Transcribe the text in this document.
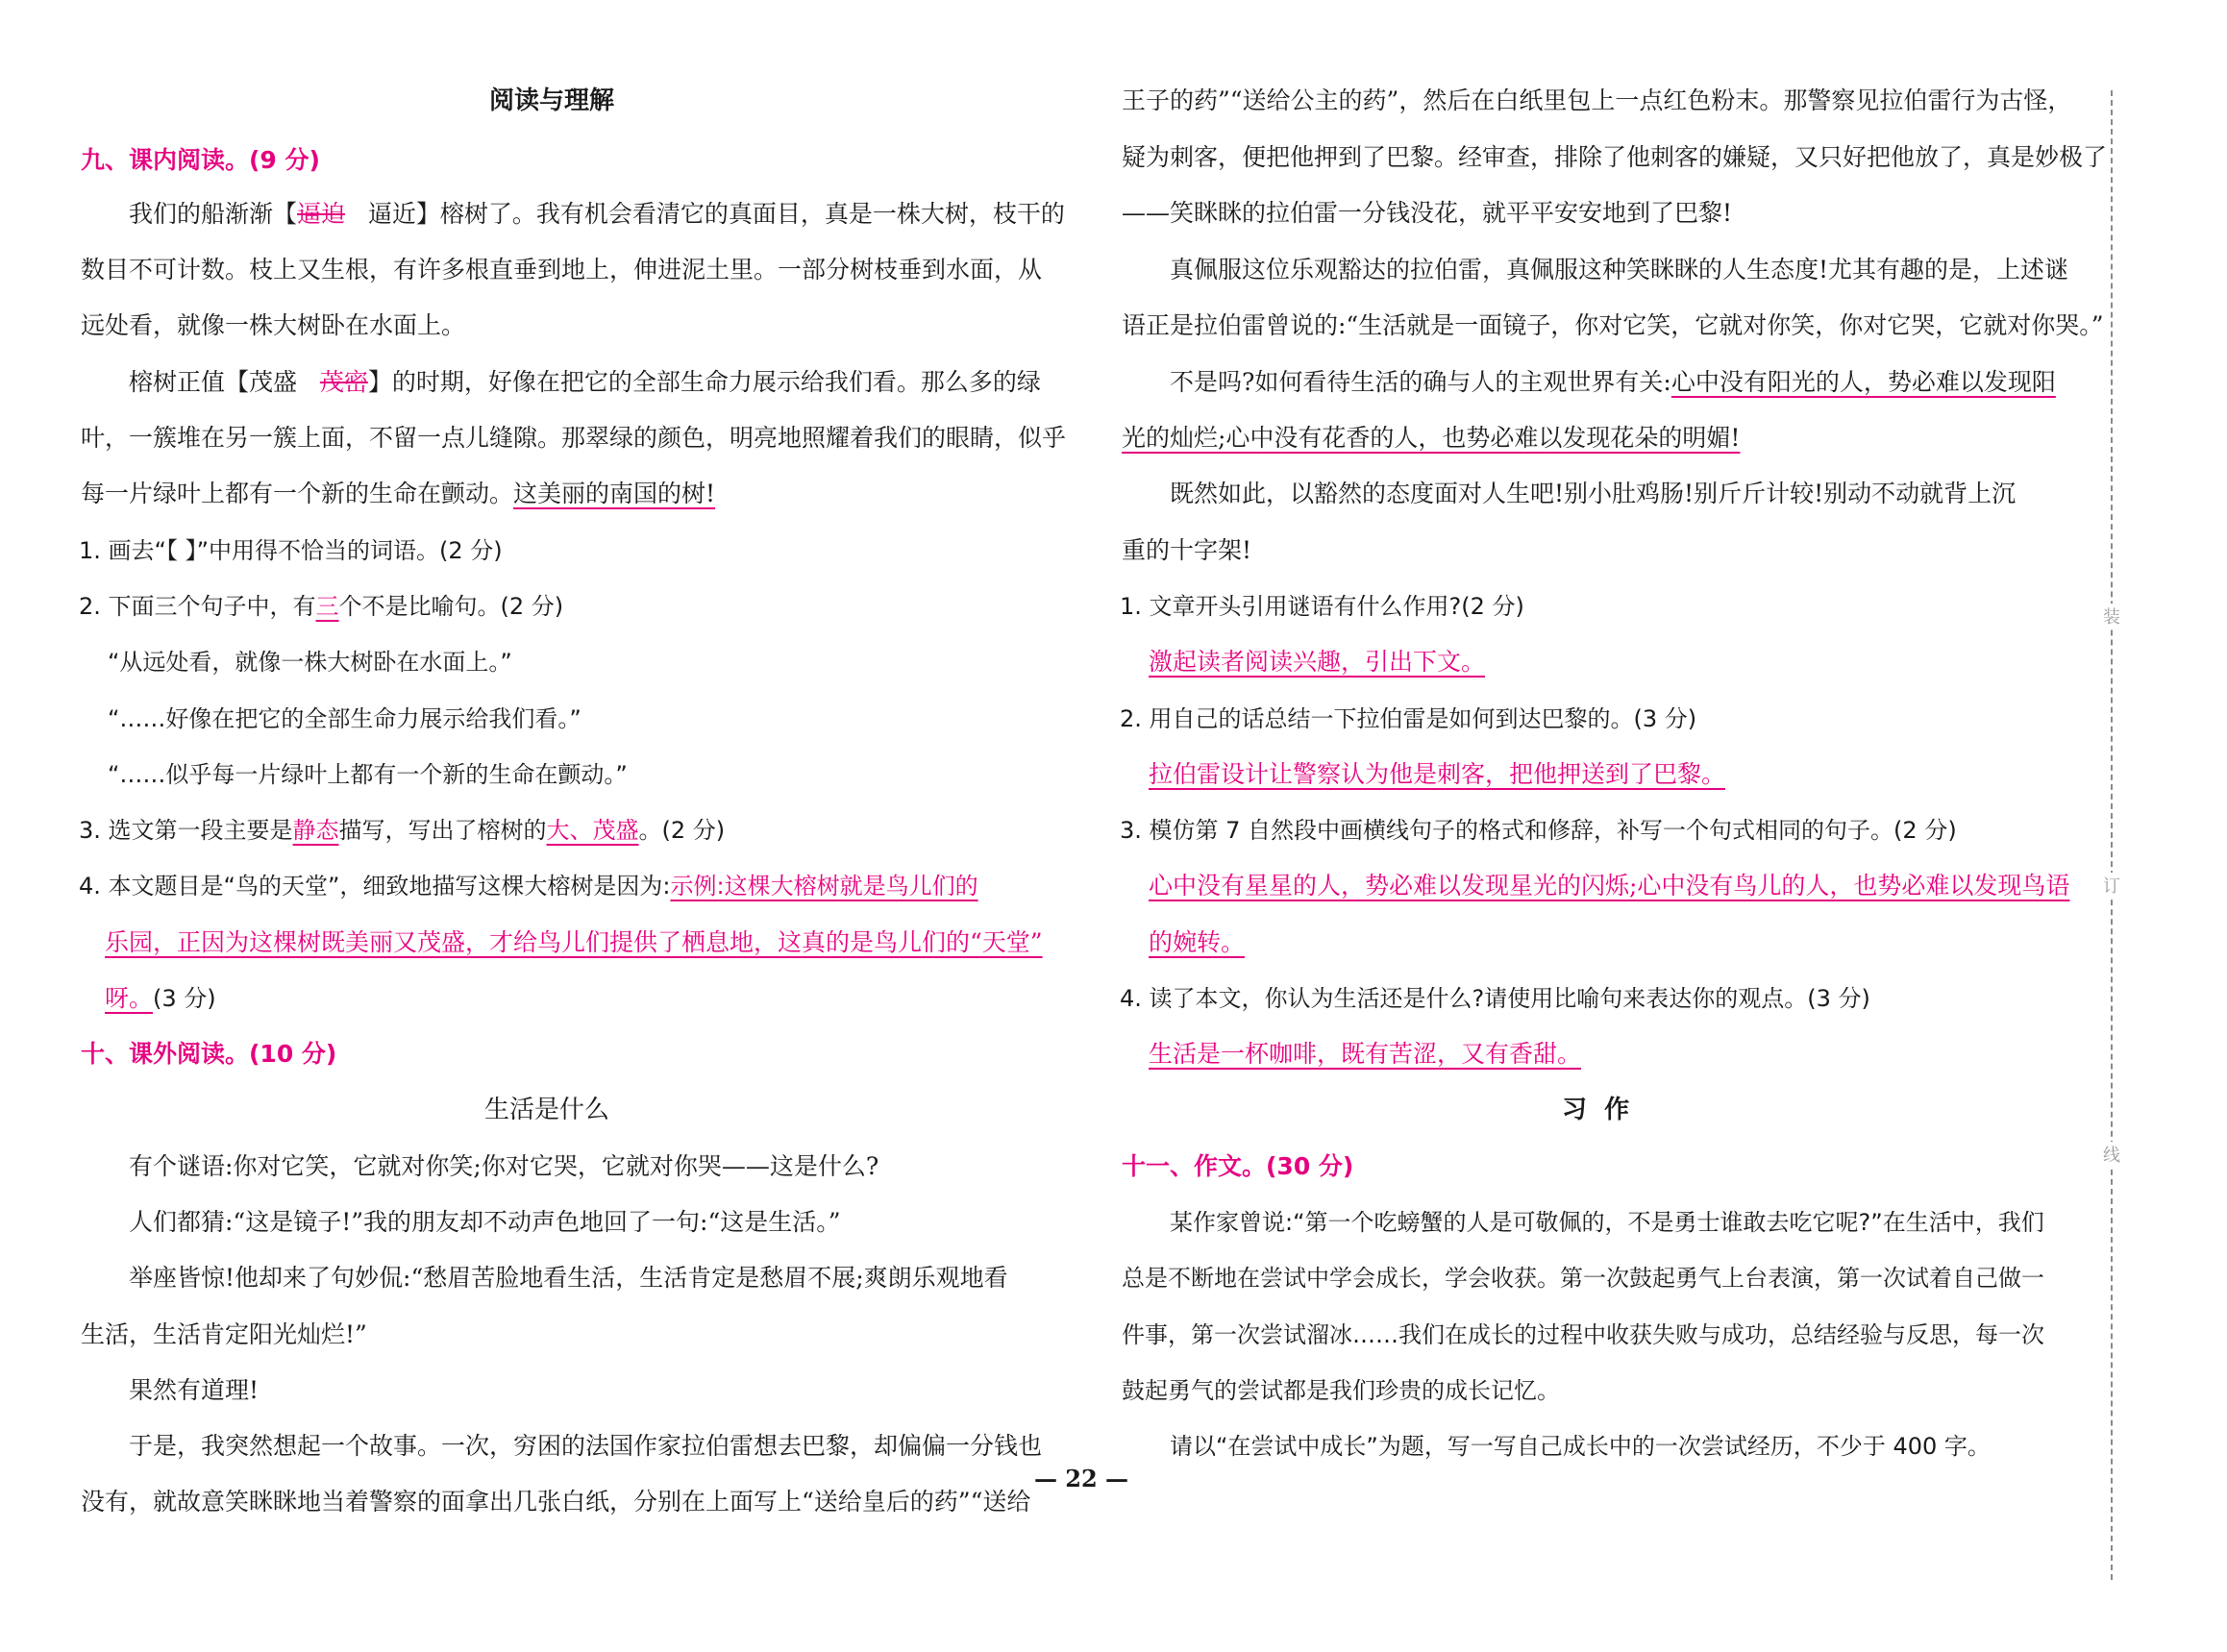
阅读与理解
九、课内阅读。(9 分)
我们的船渐渐【逼迫 逼近】榕树了。我有机会看清它的真面目，真是一株大树，枝干的
数目不可计数。枝上又生根，有许多根直垂到地上，伸进泥土里。一部分树枝垂到水面，从
远处看，就像一株大树卧在水面上。
榕树正值【茂盛 茂密】的时期，好像在把它的全部生命力展示给我们看。那么多的绿
叶，一簇堆在另一簇上面，不留一点儿缝隙。那翠绿的颜色，明亮地照耀着我们的眼睛，似乎
每一片绿叶上都有一个新的生命在颤动。这美丽的南国的树!
1. 画去“【 】”中用得不恰当的词语。(2 分)
2. 下面三个句子中，有三个不是比喻句。(2 分)
“从远处看，就像一株大树卧在水面上。”
“……好像在把它的全部生命力展示给我们看。”
“……似乎每一片绿叶上都有一个新的生命在颤动。”
3. 选文第一段主要是静态描写，写出了榕树的大、茂盛。(2 分)
4. 本文题目是“鸟的天堂”，细致地描写这棵大榕树是因为:示例:这棵大榕树就是鸟儿们的
乐园，正因为这棵树既美丽又茂盛，才给鸟儿们提供了栖息地，这真的是鸟儿们的“天堂”
呀。(3 分)
十、课外阅读。(10 分)
生活是什么
有个谜语:你对它笑，它就对你笑;你对它哭，它就对你哭——这是什么?
人们都猜:“这是镜子!”我的朋友却不动声色地回了一句:“这是生活。”
举座皆惊!他却来了句妙侃:“愁眉苦脸地看生活，生活肯定是愁眉不展;爽朗乐观地看
生活，生活肯定阳光灿烂!”
果然有道理!
于是，我突然想起一个故事。一次，穷困的法国作家拉伯雷想去巴黎，却偏偏一分钱也
没有，就故意笑眯眯地当着警察的面拿出几张白纸，分别在上面写上“送给皇后的药”“送给
王子的药”“送给公主的药”，然后在白纸里包上一点红色粉末。那警察见拉伯雷行为古怪，
疑为刺客，便把他押到了巴黎。经审查，排除了他刺客的嫌疑，又只好把他放了，真是妙极了
——笑眯眯的拉伯雷一分钱没花，就平平安安地到了巴黎!
真佩服这位乐观豁达的拉伯雷，真佩服这种笑眯眯的人生态度!尤其有趣的是，上述谜
语正是拉伯雷曾说的:“生活就是一面镜子，你对它笑，它就对你笑，你对它哭，它就对你哭。”
不是吗?如何看待生活的确与人的主观世界有关:心中没有阳光的人，势必难以发现阳
光的灿烂;心中没有花香的人，也势必难以发现花朵的明媚!
既然如此，以豁然的态度面对人生吧!别小肚鸡肠!别斤斤计较!别动不动就背上沉
重的十字架!
1. 文章开头引用谜语有什么作用?(2 分)
激起读者阅读兴趣，引出下文。
2. 用自己的话总结一下拉伯雷是如何到达巴黎的。(3 分)
拉伯雷设计让警察认为他是刺客，把他押送到了巴黎。
3. 模仿第 7 自然段中画横线句子的格式和修辞，补写一个句式相同的句子。(2 分)
心中没有星星的人，势必难以发现星光的闪烁;心中没有鸟儿的人，也势必难以发现鸟语
的婉转。
4. 读了本文，你认为生活还是什么?请使用比喻句来表达你的观点。(3 分)
生活是一杯咖啡，既有苦涩，又有香甜。
习  作
十一、作文。(30 分)
某作家曾说:“第一个吃螃蟹的人是可敬佩的，不是勇士谁敢去吃它呢?”在生活中，我们
总是不断地在尝试中学会成长，学会收获。第一次鼓起勇气上台表演，第一次试着自己做一
件事，第一次尝试溜冰……我们在成长的过程中收获失败与成功，总结经验与反思，每一次
鼓起勇气的尝试都是我们珍贵的成长记忆。
请以“在尝试中成长”为题，写一写自己成长中的一次尝试经历，不少于 400 字。
装
订
线
— 22 —
